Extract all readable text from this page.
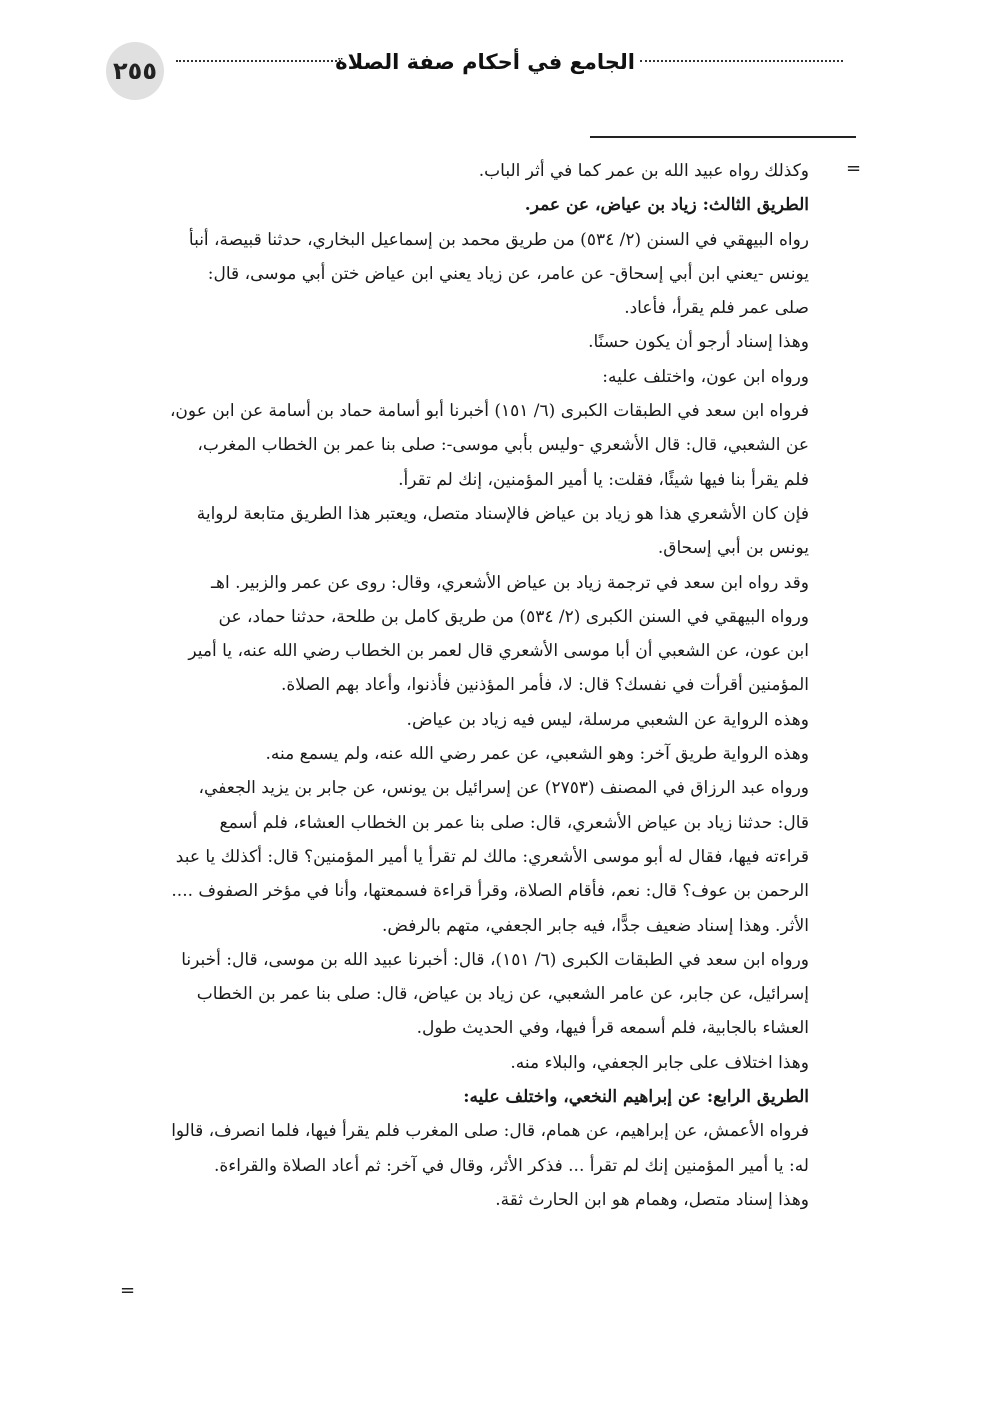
٢٥٥	الجامع في أحكام صفة الصلاة
=
=
وكذلك رواه عبيد الله بن عمر كما في أثر الباب.
الطريق الثالث: زياد بن عياض، عن عمر.
رواه البيهقي في السنن (٢/ ٥٣٤) من طريق محمد بن إسماعيل البخاري، حدثنا قبيصة، أنبأ
يونس -يعني ابن أبي إسحاق- عن عامر، عن زياد يعني ابن عياض ختن أبي موسى، قال:
صلى عمر فلم يقرأ، فأعاد.
وهذا إسناد أرجو أن يكون حسنًا.
ورواه ابن عون، واختلف عليه:
فرواه ابن سعد في الطبقات الكبرى (٦/ ١٥١) أخبرنا أبو أسامة حماد بن أسامة عن ابن عون،
عن الشعبي، قال: قال الأشعري -وليس بأبي موسى-: صلى بنا عمر بن الخطاب المغرب،
فلم يقرأ بنا فيها شيئًا، فقلت: يا أمير المؤمنين، إنك لم تقرأ.
فإن كان الأشعري هذا هو زياد بن عياض فالإسناد متصل، ويعتبر هذا الطريق متابعة لرواية
يونس بن أبي إسحاق.
وقد رواه ابن سعد في ترجمة زياد بن عياض الأشعري، وقال: روى عن عمر والزبير. اهـ
ورواه البيهقي في السنن الكبرى (٢/ ٥٣٤) من طريق كامل بن طلحة، حدثنا حماد، عن
ابن عون، عن الشعبي أن أبا موسى الأشعري قال لعمر بن الخطاب رضي الله عنه، يا أمير
المؤمنين أقرأت في نفسك؟ قال: لا، فأمر المؤذنين فأذنوا، وأعاد بهم الصلاة.
وهذه الرواية عن الشعبي مرسلة، ليس فيه زياد بن عياض.
وهذه الرواية طريق آخر: وهو الشعبي، عن عمر رضي الله عنه، ولم يسمع منه.
ورواه عبد الرزاق في المصنف (٢٧٥٣) عن إسرائيل بن يونس، عن جابر بن يزيد الجعفي،
قال: حدثنا زياد بن عياض الأشعري، قال: صلى بنا عمر بن الخطاب العشاء، فلم أسمع
قراءته فيها، فقال له أبو موسى الأشعري: مالك لم تقرأ يا أمير المؤمنين؟ قال: أكذلك يا عبد
الرحمن بن عوف؟ قال: نعم، فأقام الصلاة، وقرأ قراءة فسمعتها، وأنا في مؤخر الصفوف ....
الأثر. وهذا إسناد ضعيف جدًّا، فيه جابر الجعفي، متهم بالرفض.
ورواه ابن سعد في الطبقات الكبرى (٦/ ١٥١)، قال: أخبرنا عبيد الله بن موسى، قال: أخبرنا
إسرائيل، عن جابر، عن عامر الشعبي، عن زياد بن عياض، قال: صلى بنا عمر بن الخطاب
العشاء بالجابية، فلم أسمعه قرأ فيها، وفي الحديث طول.
وهذا اختلاف على جابر الجعفي، والبلاء منه.
الطريق الرابع: عن إبراهيم النخعي، واختلف عليه:
فرواه الأعمش، عن إبراهيم، عن همام، قال: صلى المغرب فلم يقرأ فيها، فلما انصرف، قالوا
له: يا أمير المؤمنين إنك لم تقرأ ... فذكر الأثر، وقال في آخر: ثم أعاد الصلاة والقراءة.
وهذا إسناد متصل، وهمام هو ابن الحارث ثقة.
